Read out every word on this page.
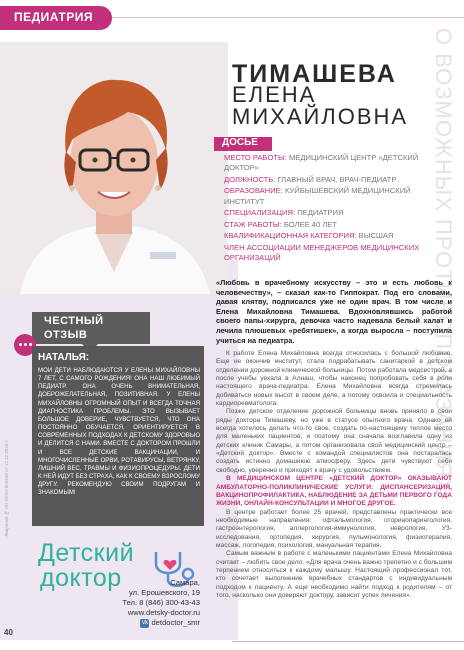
ПЕДИАТРИЯ
О ВОЗМОЖНЫХ ПРОТИВОПОКАЗАНИЯХ
ТИМАШЕВА
ЕЛЕНА
МИХАЙЛОВНА
ДОСЬЕ
МЕСТО РАБОТЫ: МЕДИЦИНСКИЙ ЦЕНТР «ДЕТСКИЙ ДОКТОР»
ДОЛЖНОСТЬ: ГЛАВНЫЙ ВРАЧ, ВРАЧ-ПЕДИАТР
ОБРАЗОВАНИЕ: КУЙБЫШЕВСКИЙ МЕДИЦИНСКИЙ ИНСТИТУТ
СПЕЦИАЛИЗАЦИЯ: ПЕДИАТРИЯ
СТАЖ РАБОТЫ: БОЛЕЕ 40 ЛЕТ
КВАЛИФИКАЦИОННАЯ КАТЕГОРИЯ: ВЫСШАЯ
ЧЛЕН АССОЦИАЦИИ МЕНЕДЖЕРОВ МЕДИЦИНСКИХ ОРГАНИЗАЦИЙ
«Любовь в врачебному искусству – это и есть любовь к человечеству», – сказал как-то Гиппократ. Под его словами, давая клятву, подписался уже не один врач. В том числе и Елена Михайловна Тимашева. Вдохновлявшись работой своего папы-хирурга, девочка часто надевала белый халат и лечила плюшевых «ребятишек», а когда выросла – поступила учиться на педиатра.

К работе Елена Михайловна всегда относилась с большой любовью. Еще не окончив институт, стала подрабатывать санитаркой в детском отделении дорожной клинической больницы. Потом работала медсестрой, а после учебы уехала в Алнаш, чтобы наконец попробовать себя в роли настоящего врача-педиатра. Елена Михайловна всегда стремилась добиваться новых высот в своем деле, а потому освоила и специальность кардиоревматолога.

Позже детское отделение дорожной больницы вновь приняло в свои ряды доктора Тимашеву, но уже в статусе опытного врача. Однако ей всегда хотелось делать что-то свое, создать по-настоящему теплое место для маленьких пациентов, и поэтому она сначала возглавила одну из детских клиник Самары, а потом организовала свой медицинский центр – «Детский доктор». Вместе с командой специалистов она постаралась создать истинно домашнюю атмосферу. Здесь дети чувствуют себя свободно, уверенно и приходят к врачу с удовольствием.

В МЕДИЦИНСКОМ ЦЕНТРЕ «ДЕТСКИЙ ДОКТОР» ОКАЗЫВАЮТ АМБУЛАТОРНО-ПОЛИКЛИНИЧЕСКИЕ УСЛУГИ: ДИСПАНСЕРИЗАЦИЯ, ВАКЦИНОПРОФИЛАКТИКА, НАБЛЮДЕНИЕ ЗА ДЕТЬМИ ПЕРВОГО ГОДА ЖИЗНИ, ОНЛАЙН-КОНСУЛЬТАЦИИ И МНОГОЕ ДРУГОЕ.

В центре работает более 25 врачей, представлены практически все необходимые направления: офтальмология, оториноларингология, гастроэнтерология, аллергология-иммунология, неврология, УЗ-исследования, ортопедия, хирургия, пульмонология, физиотерапия, массаж, логопедия, психология, мануальная терапия.

Самым важным в работе с маленькими пациентами Елена Михайловна считает – любить свое дело. «Для врача очень важно трепетно и с большим терпением относиться к каждому малышу. Настоящий профессионал тот, кто сочетает выполнение врачебных стандартов с индивидуальным подходом к пациенту. А еще необходимо найти подход к родителям – от того, насколько они доверяют доктору, зависит успех лечения».

ЧЕСТНЫЙ
ОТЗЫВ
НАТАЛЬЯ:
МОИ ДЕТИ НАБЛЮДАЮТСЯ У ЕЛЕНЫ МИХАЙЛОВНЫ 7 ЛЕТ, С САМОГО РОЖДЕНИЯ! ОНА НАШ ЛЮБИМЫЙ ПЕДИАТР. ОНА ОЧЕНЬ ВНИМАТЕЛЬНАЯ, ДОБРОЖЕЛАТЕЛЬНАЯ, ПОЗИТИВНАЯ. У ЕЛЕНЫ МИХАЙЛОВНЫ ОГРОМНЫЙ ОПЫТ И ВСЕГДА ТОЧНАЯ ДИАГНОСТИКА ПРОБЛЕМЫ. ЭТО ВЫЗЫВАЕТ БОЛЬШОЕ ДОВЕРИЕ, ЧУВСТВУЕТСЯ, ЧТО ОНА ПОСТОЯННО ОБУЧАЕТСЯ, ОРИЕНТИРУЕТСЯ В СОВРЕМЕННЫХ ПОДХОДАХ К ДЕТСКОМУ ЗДОРОВЬЮ И ДЕЛИТСЯ С НАМИ. ВМЕСТЕ С ДОКТОРОМ ПРОШЛИ И ВСЕ ДЕТСКИЕ ВАКЦИНАЦИИ, И МНОГОЧИСЛЕННЫЕ ОРВИ, РОТАВИРУСЫ, ВЕТРЯНКУ, ЛИШНИЙ ВЕС, ТРАВМЫ И ФИЗИОПРОЦЕДУРЫ. ДЕТИ К НЕЙ ИДУТ БЕЗ СТРАХА, КАК К СВОЕМУ ВЗРОСЛОМУ ДРУГУ. РЕКОМЕНДУЮ СВОИМ ПОДРУГАМ И ЗНАКОМЫМ!
Детский
доктор	Самара,
ул. Ерошевского, 19
Тел. 8 (846) 300-43-43
www.detsky-doctor.ru
vk detdoctor_smr
Лицензия № ЛО-63-01-004930 от 12.12.2018 г.
40
